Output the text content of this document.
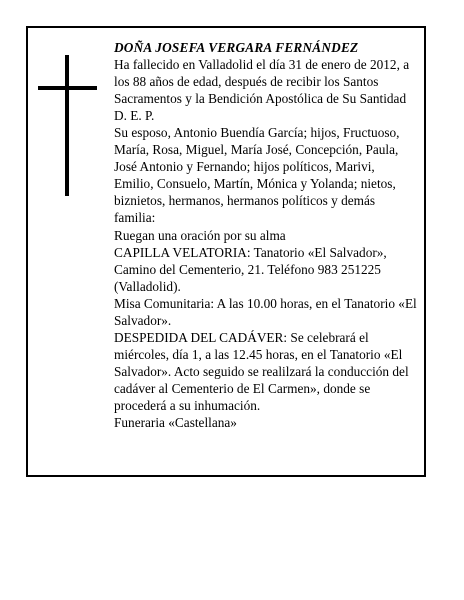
DOÑA JOSEFA VERGARA FERNÁNDEZ
Ha fallecido en Valladolid el día 31 de enero de 2012, a
los 88 años de edad, después de recibir los Santos
Sacramentos y la Bendición Apostólica de Su Santidad
D. E. P.
Su esposo, Antonio Buendía García; hijos, Fructuoso,
María, Rosa, Miguel, María José, Concepción, Paula,
José Antonio y Fernando; hijos políticos, Marivi,
Emilio, Consuelo, Martín, Mónica y Yolanda; nietos,
biznietos, hermanos, hermanos políticos y demás
familia:
Ruegan una oración por su alma
CAPILLA VELATORIA: Tanatorio «El Salvador»,
Camino del Cementerio, 21. Teléfono 983 251225
(Valladolid).
Misa Comunitaria: A las 10.00 horas, en el Tanatorio «El
Salvador».
DESPEDIDA DEL CADÁVER: Se celebrará el
miércoles, día 1, a las 12.45 horas, en el Tanatorio «El
Salvador». Acto seguido se realilzará la conducción del
cadáver al Cementerio de El Carmen», donde se
procederá a su inhumación.
Funeraria «Castellana»
